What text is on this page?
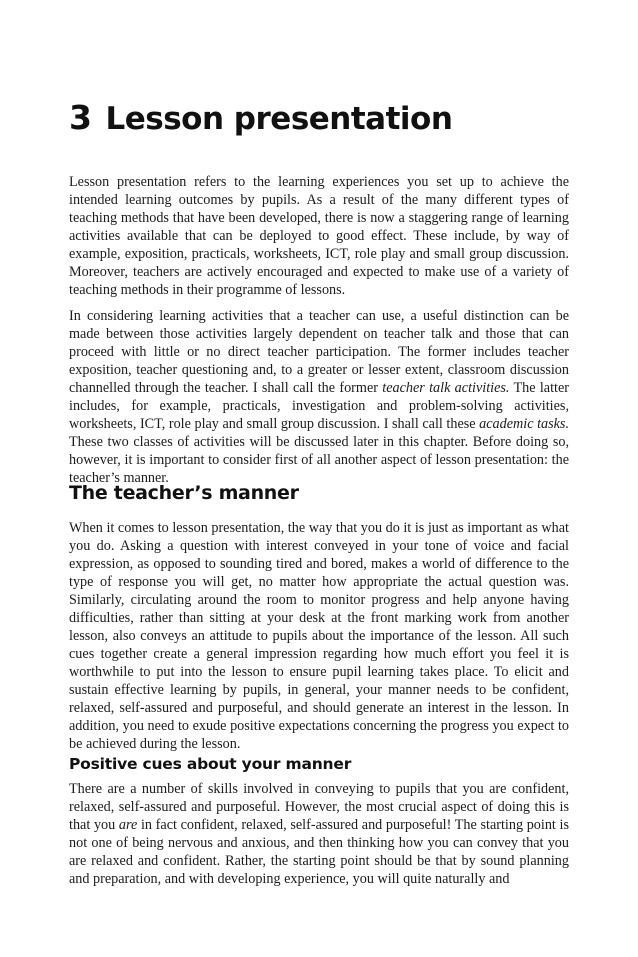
3 Lesson presentation

Lesson presentation refers to the learning experiences you set up to achieve the intended learning outcomes by pupils. As a result of the many different types of teaching methods that have been developed, there is now a staggering range of learning activities available that can be deployed to good effect. These include, by way of example, exposition, practicals, worksheets, ICT, role play and small group discussion. Moreover, teachers are actively encouraged and expected to make use of a variety of teaching methods in their programme of lessons.

In considering learning activities that a teacher can use, a useful distinction can be made between those activities largely dependent on teacher talk and those that can proceed with little or no direct teacher participation. The former includes teacher exposition, teacher questioning and, to a greater or lesser extent, classroom discussion channelled through the teacher. I shall call the former teacher talk activities. The latter includes, for example, practicals, investigation and problem-solving activities, worksheets, ICT, role play and small group discussion. I shall call these academic tasks. These two classes of activities will be discussed later in this chapter. Before doing so, however, it is important to consider first of all another aspect of lesson presentation: the teacher’s manner.

The teacher’s manner

When it comes to lesson presentation, the way that you do it is just as important as what you do. Asking a question with interest conveyed in your tone of voice and facial expression, as opposed to sounding tired and bored, makes a world of difference to the type of response you will get, no matter how appropriate the actual question was. Similarly, circulating around the room to monitor progress and help anyone having difficulties, rather than sitting at your desk at the front marking work from another lesson, also conveys an attitude to pupils about the importance of the lesson. All such cues together create a general impression regarding how much effort you feel it is worthwhile to put into the lesson to ensure pupil learning takes place. To elicit and sustain effective learning by pupils, in general, your manner needs to be confident, relaxed, self-assured and purposeful, and should generate an interest in the lesson. In addition, you need to exude positive expectations concerning the progress you expect to be achieved during the lesson.

Positive cues about your manner

There are a number of skills involved in conveying to pupils that you are confident, relaxed, self-assured and purposeful. However, the most crucial aspect of doing this is that you are in fact confident, relaxed, self-assured and purposeful! The starting point is not one of being nervous and anxious, and then thinking how you can convey that you are relaxed and confident. Rather, the starting point should be that by sound planning and preparation, and with developing experience, you will quite naturally and
